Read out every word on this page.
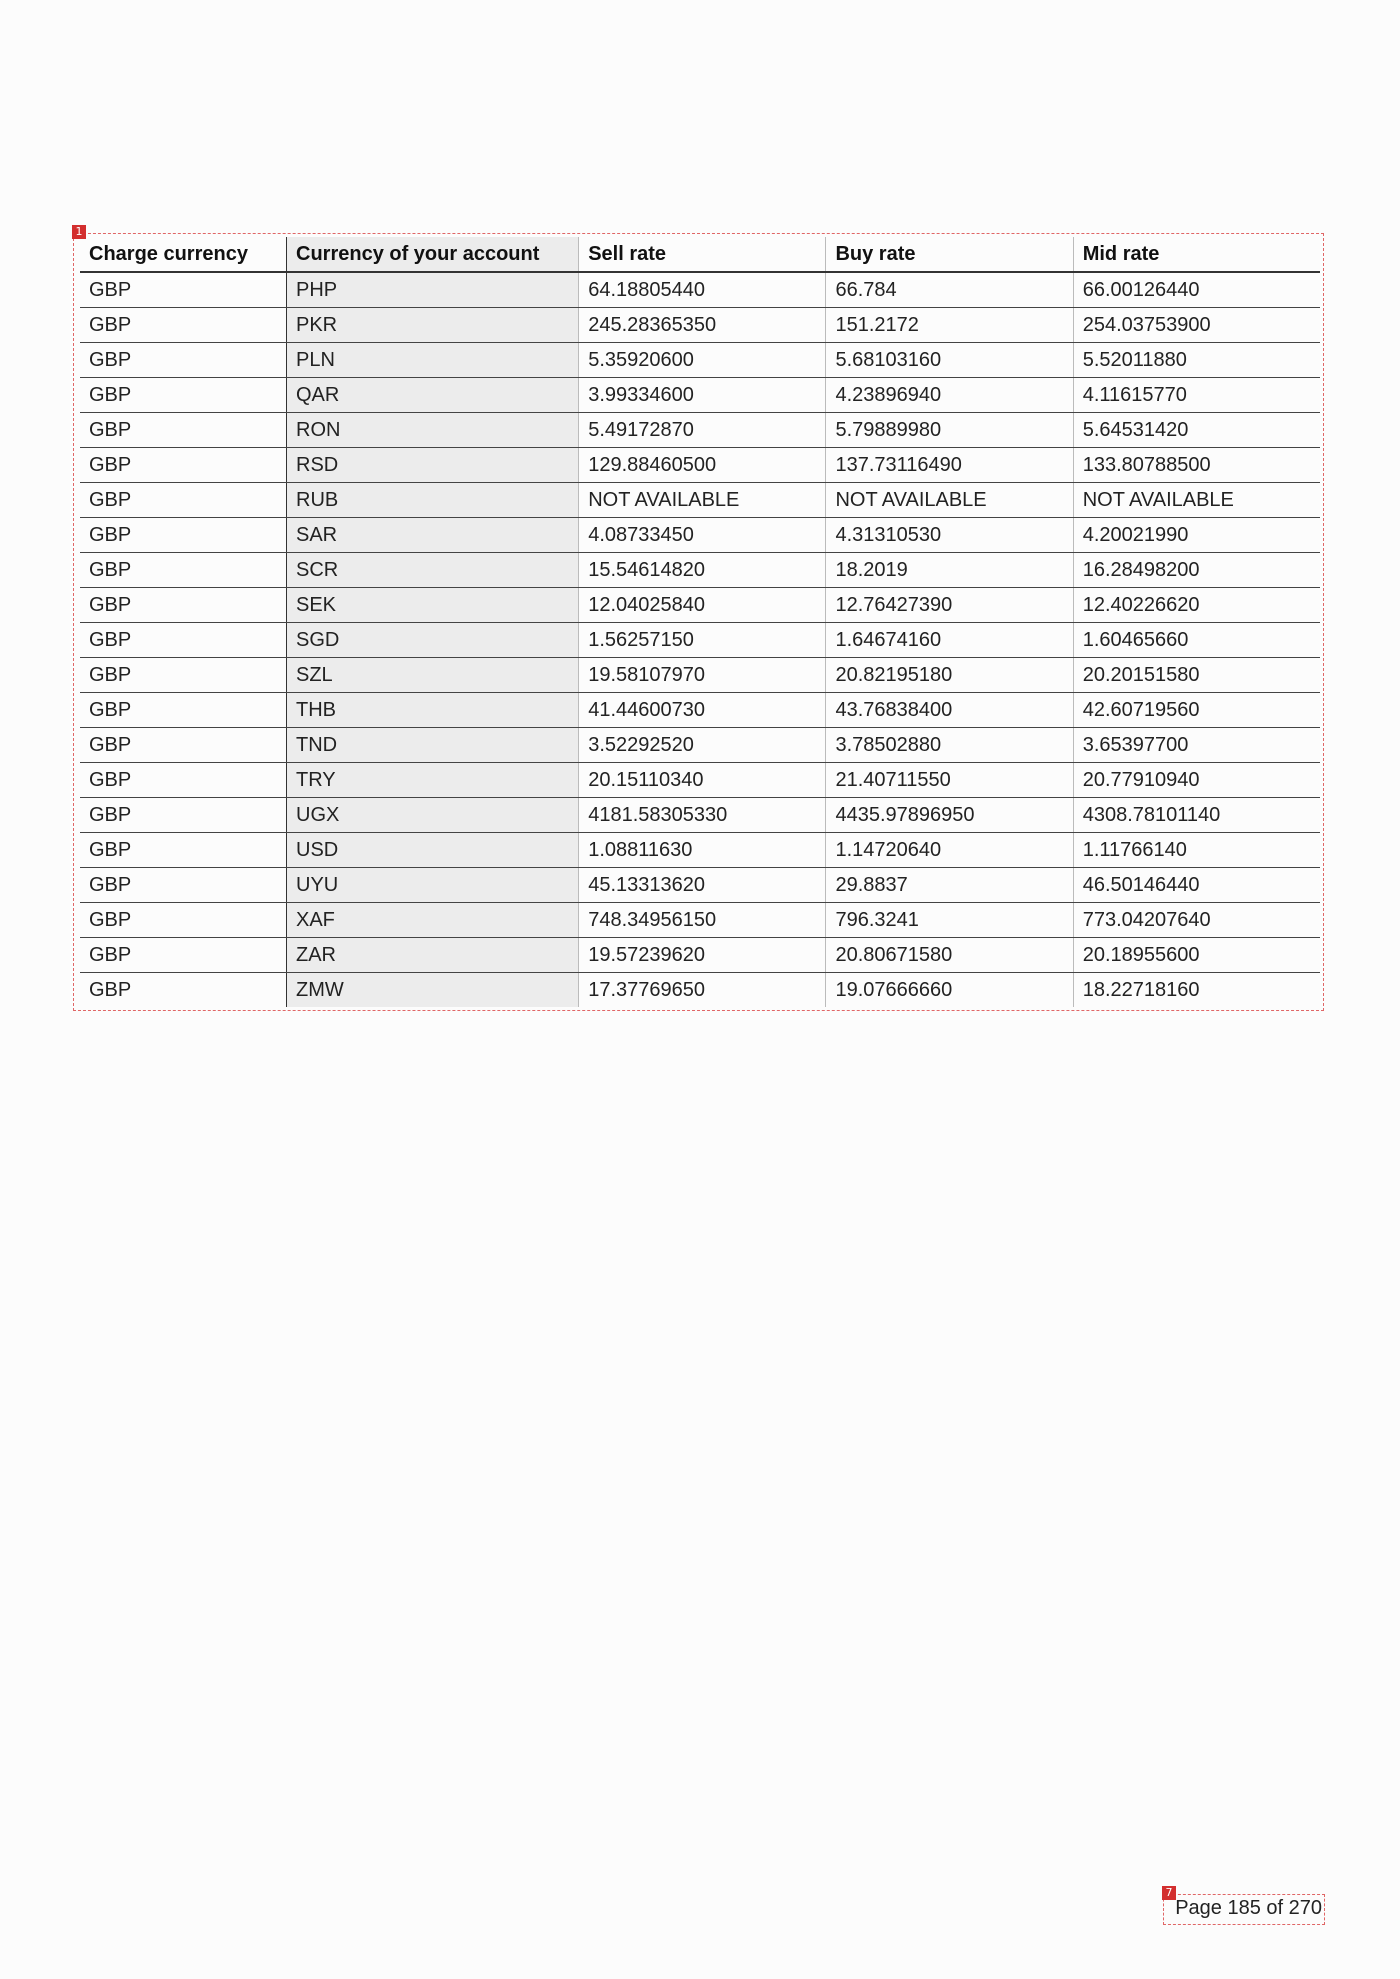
1
Charge currency	Currency of your account	Sell rate	Buy rate	Mid rate
GBP	PHP	64.18805440	66.784	66.00126440
GBP	PKR	245.28365350	151.2172	254.03753900
GBP	PLN	5.35920600	5.68103160	5.52011880
GBP	QAR	3.99334600	4.23896940	4.11615770
GBP	RON	5.49172870	5.79889980	5.64531420
GBP	RSD	129.88460500	137.73116490	133.80788500
GBP	RUB	NOT AVAILABLE	NOT AVAILABLE	NOT AVAILABLE
GBP	SAR	4.08733450	4.31310530	4.20021990
GBP	SCR	15.54614820	18.2019	16.28498200
GBP	SEK	12.04025840	12.76427390	12.40226620
GBP	SGD	1.56257150	1.64674160	1.60465660
GBP	SZL	19.58107970	20.82195180	20.20151580
GBP	THB	41.44600730	43.76838400	42.60719560
GBP	TND	3.52292520	3.78502880	3.65397700
GBP	TRY	20.15110340	21.40711550	20.77910940
GBP	UGX	4181.58305330	4435.97896950	4308.78101140
GBP	USD	1.08811630	1.14720640	1.11766140
GBP	UYU	45.13313620	29.8837	46.50146440
GBP	XAF	748.34956150	796.3241	773.04207640
GBP	ZAR	19.57239620	20.80671580	20.18955600
GBP	ZMW	17.37769650	19.07666660	18.22718160
7
Page 185 of 270
